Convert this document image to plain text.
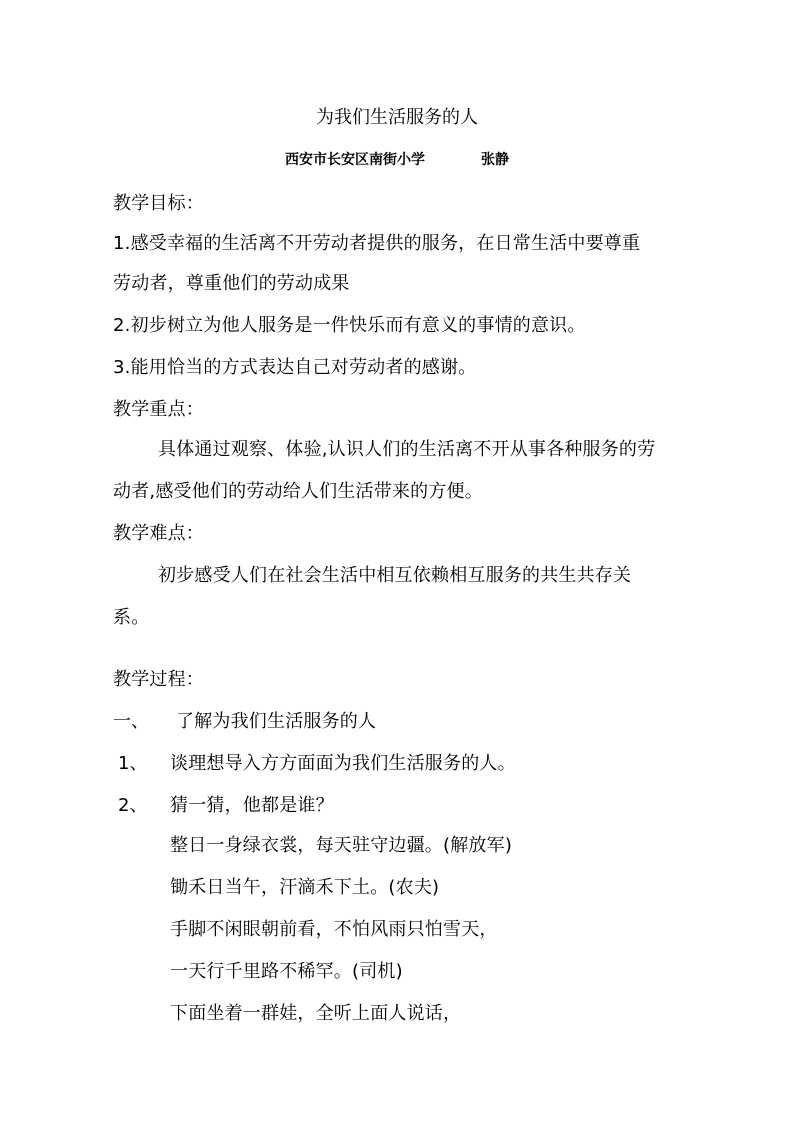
为我们生活服务的人
西安市长安区南街小学	张静
教学目标：
1.感受幸福的生活离不开劳动者提供的服务，在日常生活中要尊重
劳动者，尊重他们的劳动成果
2.初步树立为他人服务是一件快乐而有意义的事情的意识。
3.能用恰当的方式表达自己对劳动者的感谢。
教学重点：
具体通过观察、体验,认识人们的生活离不开从事各种服务的劳
动者,感受他们的劳动给人们生活带来的方便。
教学难点：
初步感受人们在社会生活中相互依赖相互服务的共生共存关
系。
教学过程：
一、 了解为我们生活服务的人
1、 谈理想导入方方面面为我们生活服务的人。
2、 猜一猜，他都是谁？
整日一身绿衣裳，每天驻守边疆。(解放军)
锄禾日当午，汗滴禾下土。(农夫)
手脚不闲眼朝前看，不怕风雨只怕雪天，
一天行千里路不稀罕。(司机)
下面坐着一群娃，全听上面人说话，
